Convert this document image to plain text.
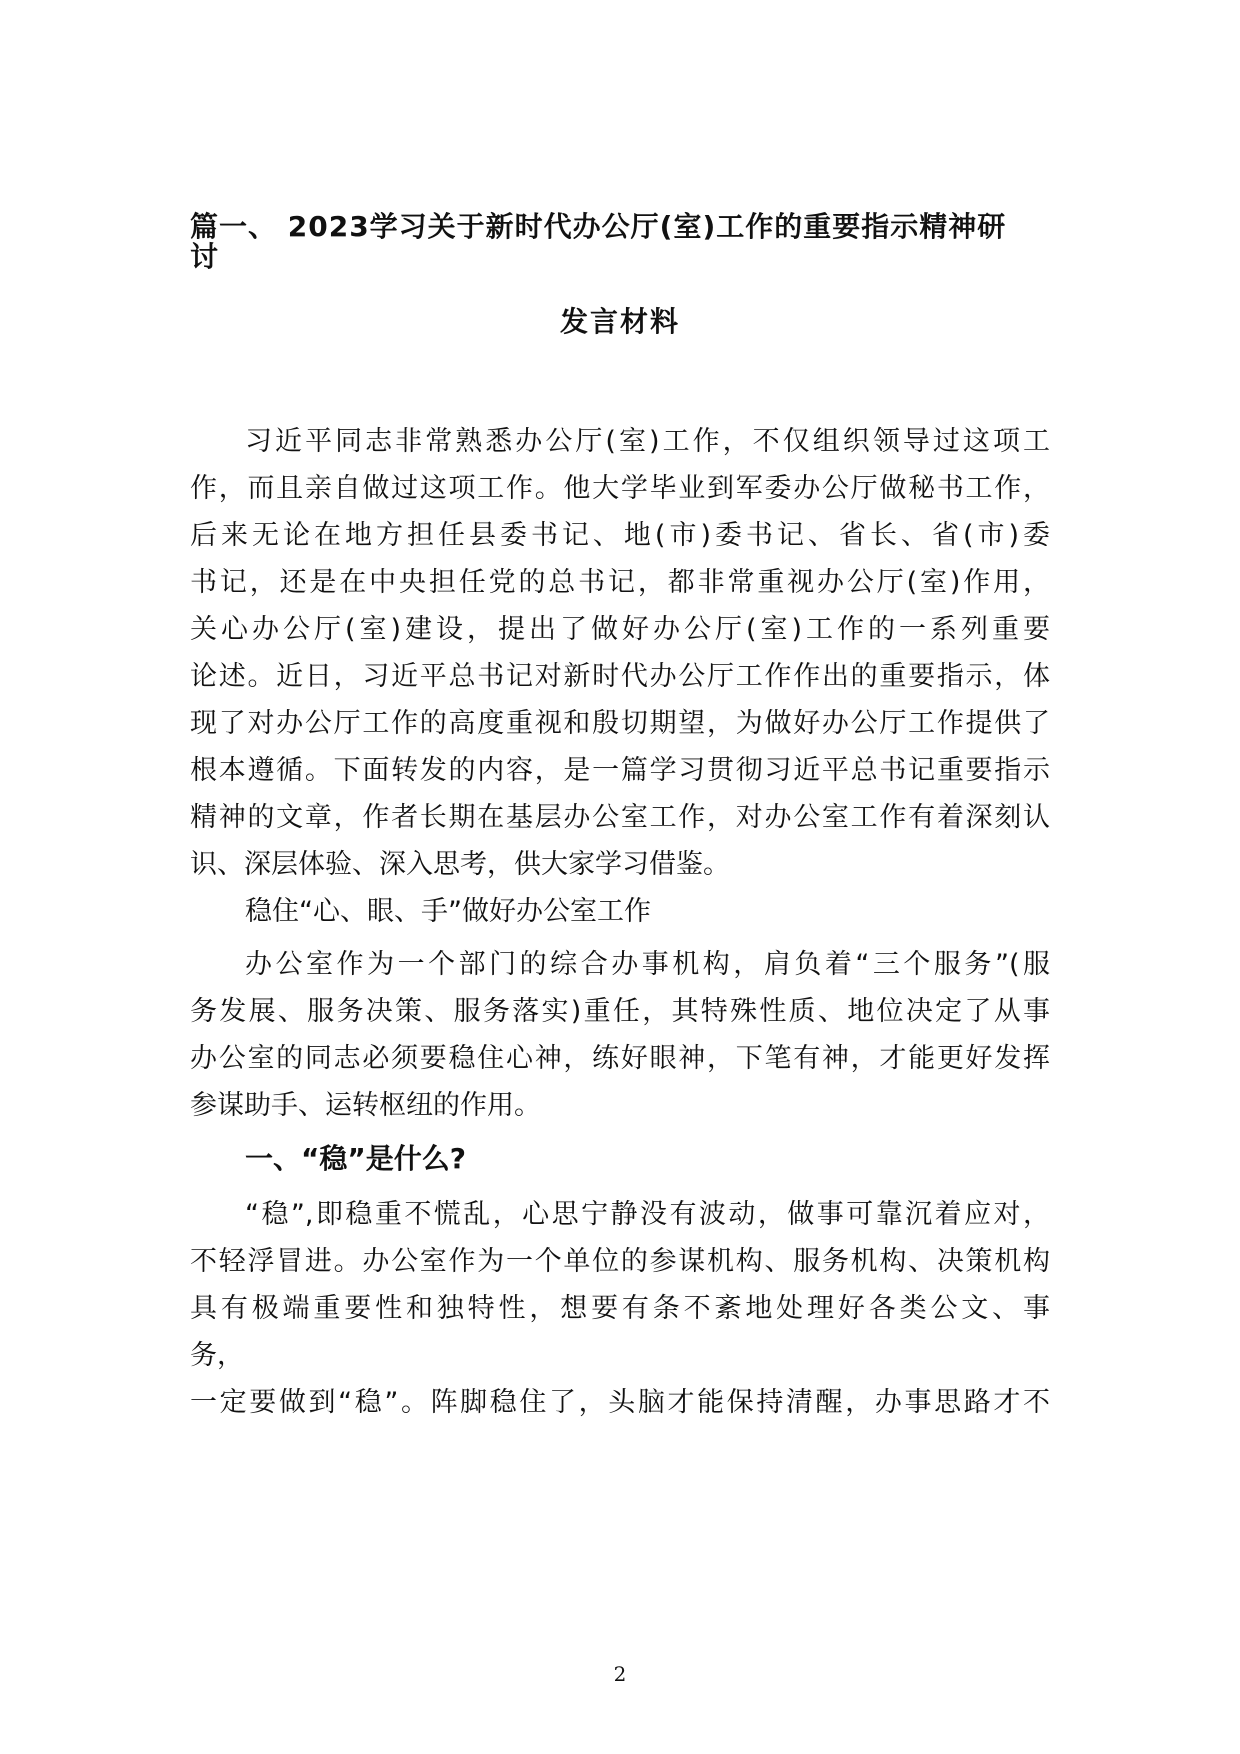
篇一、 2023学习关于新时代办公厅(室)工作的重要指示精神研
讨
发言材料
习近平同志非常熟悉办公厅(室)工作，不仅组织领导过这项工
作，而且亲自做过这项工作。他大学毕业到军委办公厅做秘书工作，
后来无论在地方担任县委书记、地(市)委书记、省长、省(市)委
书记，还是在中央担任党的总书记，都非常重视办公厅(室)作用，
关心办公厅(室)建设，提出了做好办公厅(室)工作的一系列重要
论述。近日，习近平总书记对新时代办公厅工作作出的重要指示，体
现了对办公厅工作的高度重视和殷切期望，为做好办公厅工作提供了
根本遵循。下面转发的内容，是一篇学习贯彻习近平总书记重要指示
精神的文章，作者长期在基层办公室工作，对办公室工作有着深刻认
识、深层体验、深入思考，供大家学习借鉴。
稳住“心、眼、手”做好办公室工作
办公室作为一个部门的综合办事机构，肩负着“三个服务”(服
务发展、服务决策、服务落实)重任，其特殊性质、地位决定了从事
办公室的同志必须要稳住心神，练好眼神，下笔有神，才能更好发挥
参谋助手、运转枢纽的作用。
一、“稳”是什么?
“稳”,即稳重不慌乱，心思宁静没有波动，做事可靠沉着应对，
不轻浮冒进。办公室作为一个单位的参谋机构、服务机构、决策机构
具有极端重要性和独特性，想要有条不紊地处理好各类公文、事
务，
一定要做到“稳”。阵脚稳住了，头脑才能保持清醒，办事思路才不
2
